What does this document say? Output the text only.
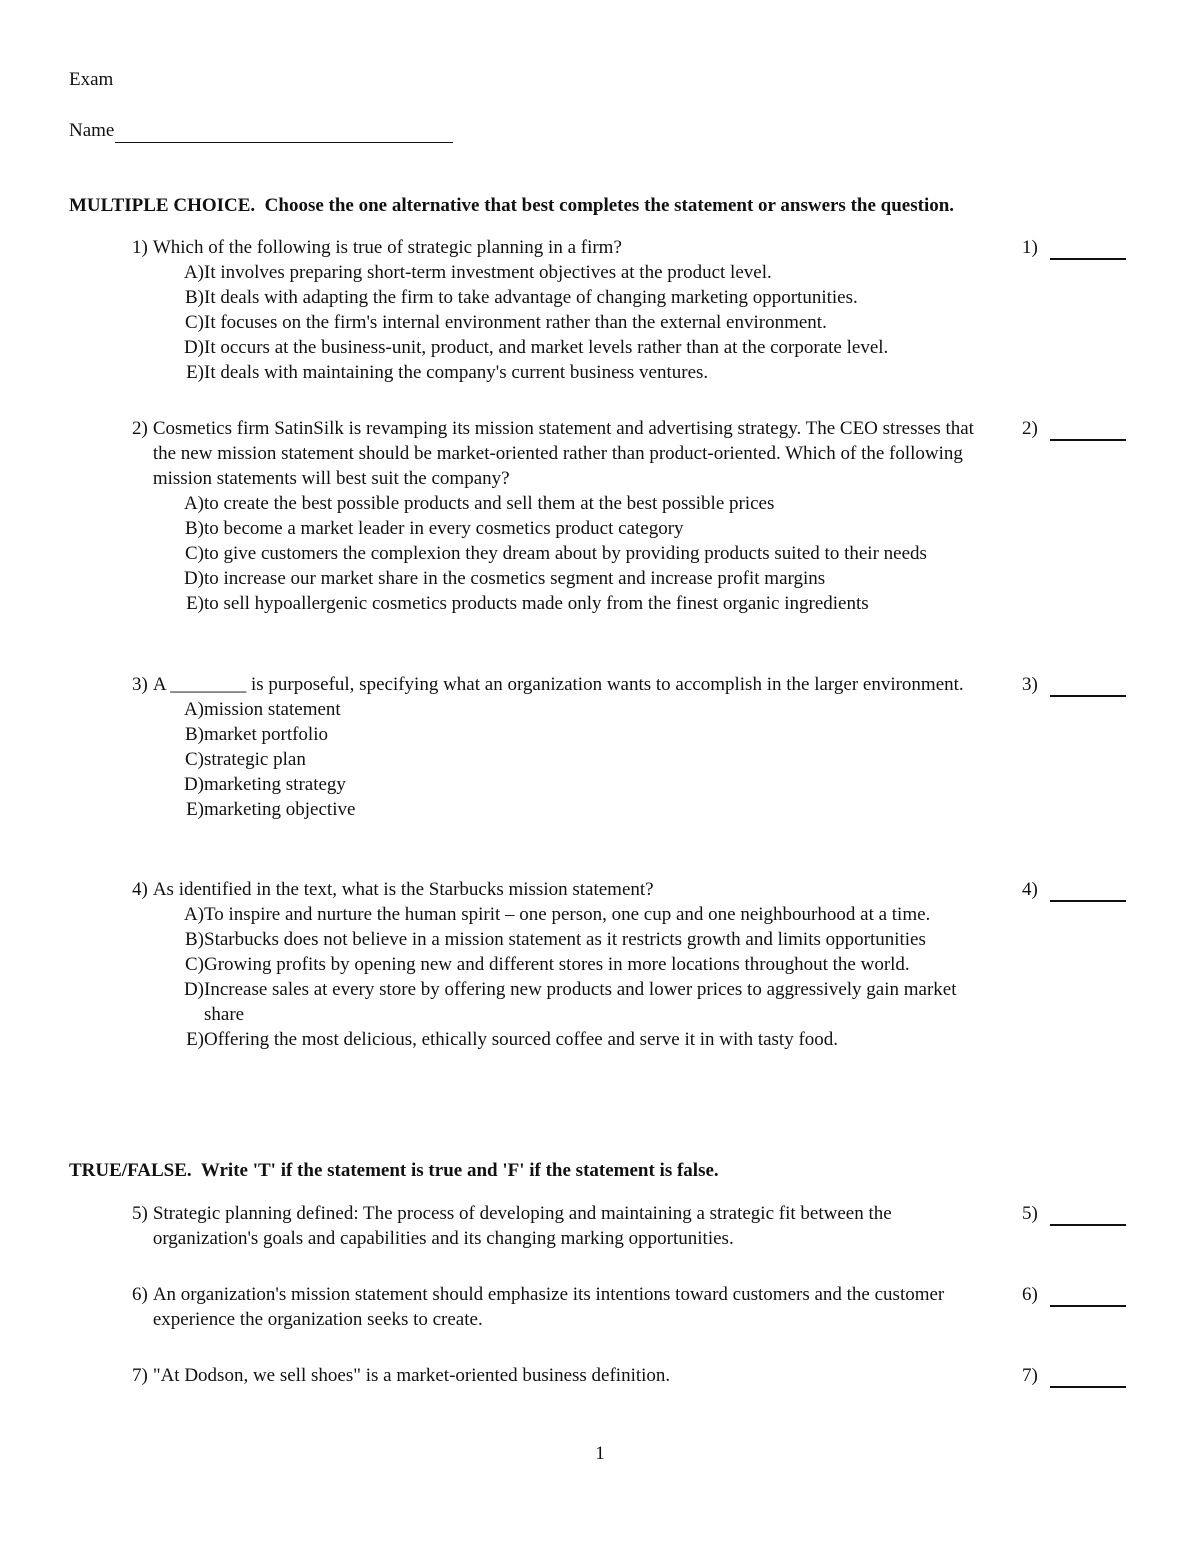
Exam
Name
MULTIPLE CHOICE. Choose the one alternative that best completes the statement or answers the question.
1) Which of the following is true of strategic planning in a firm?
A) It involves preparing short-term investment objectives at the product level.
B) It deals with adapting the firm to take advantage of changing marketing opportunities.
C) It focuses on the firm's internal environment rather than the external environment.
D) It occurs at the business-unit, product, and market levels rather than at the corporate level.
E) It deals with maintaining the company's current business ventures.
1)
2) Cosmetics firm SatinSilk is revamping its mission statement and advertising strategy. The CEO stresses that the new mission statement should be market-oriented rather than product-oriented. Which of the following mission statements will best suit the company?
A) to create the best possible products and sell them at the best possible prices
B) to become a market leader in every cosmetics product category
C) to give customers the complexion they dream about by providing products suited to their needs
D) to increase our market share in the cosmetics segment and increase profit margins
E) to sell hypoallergenic cosmetics products made only from the finest organic ingredients
2)
3) A ________ is purposeful, specifying what an organization wants to accomplish in the larger environment.
A) mission statement
B) market portfolio
C) strategic plan
D) marketing strategy
E) marketing objective
3)
4) As identified in the text, what is the Starbucks mission statement?
A) To inspire and nurture the human spirit – one person, one cup and one neighbourhood at a time.
B) Starbucks does not believe in a mission statement as it restricts growth and limits opportunities
C) Growing profits by opening new and different stores in more locations throughout the world.
D) Increase sales at every store by offering new products and lower prices to aggressively gain market share
E) Offering the most delicious, ethically sourced coffee and serve it in with tasty food.
4)
TRUE/FALSE. Write 'T' if the statement is true and 'F' if the statement is false.
5) Strategic planning defined: The process of developing and maintaining a strategic fit between the organization's goals and capabilities and its changing marking opportunities.
5)
6) An organization's mission statement should emphasize its intentions toward customers and the customer experience the organization seeks to create.
6)
7) "At Dodson, we sell shoes" is a market-oriented business definition.	7)
1
